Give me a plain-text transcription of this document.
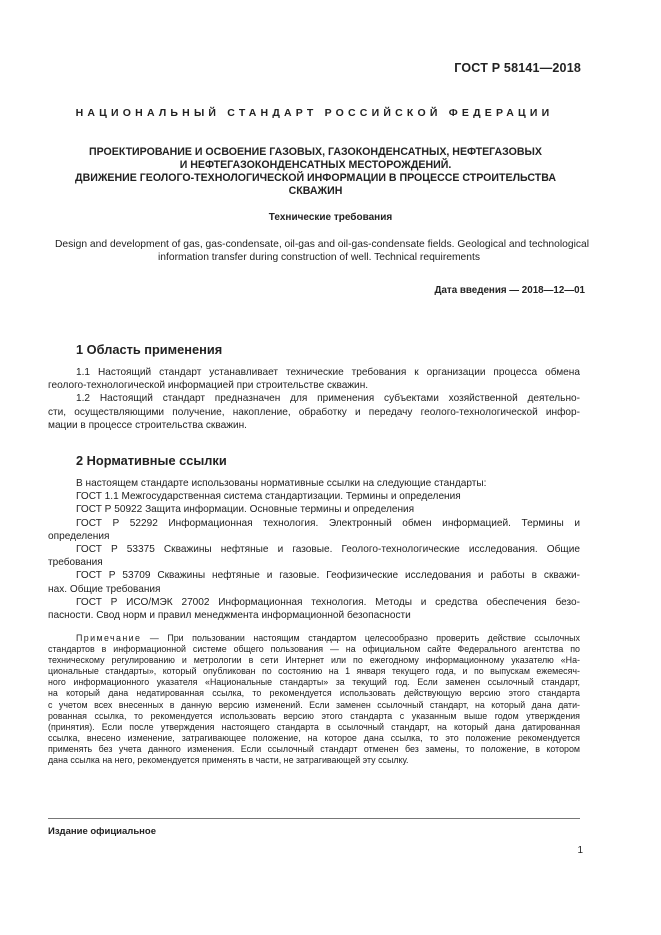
ГОСТ Р 58141—2018
НАЦИОНАЛЬНЫЙ СТАНДАРТ РОССИЙСКОЙ ФЕДЕРАЦИИ
ПРОЕКТИРОВАНИЕ И ОСВОЕНИЕ ГАЗОВЫХ, ГАЗОКОНДЕНСАТНЫХ, НЕФТЕГАЗОВЫХ
И НЕФТЕГАЗОКОНДЕНСАТНЫХ МЕСТОРОЖДЕНИЙ.
ДВИЖЕНИЕ ГЕОЛОГО-ТЕХНОЛОГИЧЕСКОЙ ИНФОРМАЦИИ В ПРОЦЕССЕ СТРОИТЕЛЬСТВА
СКВАЖИН
Технические требования
Design and development of gas, gas-condensate, oil-gas and oil-gas-condensate fields. Geological and technological
information transfer during construction of well. Technical requirements
Дата введения — 2018—12—01
1 Область применения
1.1 Настоящий стандарт устанавливает технические требования к организации процесса обмена
геолого-технологической информацией при строительстве скважин.
1.2 Настоящий стандарт предназначен для применения субъектами хозяйственной деятельно-
сти, осуществляющими получение, накопление, обработку и передачу геолого-технологической инфор-
мации в процессе строительства скважин.
2 Нормативные ссылки
В настоящем стандарте использованы нормативные ссылки на следующие стандарты:
ГОСТ 1.1 Межгосударственная система стандартизации. Термины и определения
ГОСТ Р 50922 Защита информации. Основные термины и определения
ГОСТ Р 52292 Информационная технология. Электронный обмен информацией. Термины и
определения
ГОСТ Р 53375 Скважины нефтяные и газовые. Геолого-технологические исследования. Общие
требования
ГОСТ Р 53709 Скважины нефтяные и газовые. Геофизические исследования и работы в скважи-
нах. Общие требования
ГОСТ Р ИСО/МЭК 27002 Информационная технология. Методы и средства обеспечения безо-
пасности. Свод норм и правил менеджмента информационной безопасности
Примечание — При пользовании настоящим стандартом целесообразно проверить действие ссылочных
стандартов в информационной системе общего пользования — на официальном сайте Федерального агентства по
техническому регулированию и метрологии в сети Интернет или по ежегодному информационному указателю «На-
циональные стандарты», который опубликован по состоянию на 1 января текущего года, и по выпускам ежемесяч-
ного информационного указателя «Национальные стандарты» за текущий год. Если заменен ссылочный стандарт,
на который дана недатированная ссылка, то рекомендуется использовать действующую версию этого стандарта
с учетом всех внесенных в данную версию изменений. Если заменен ссылочный стандарт, на который дана дати-
рованная ссылка, то рекомендуется использовать версию этого стандарта с указанным выше годом утверждения
(принятия). Если после утверждения настоящего стандарта в ссылочный стандарт, на который дана датированная
ссылка, внесено изменение, затрагивающее положение, на которое дана ссылка, то это положение рекомендуется
применять без учета данного изменения. Если ссылочный стандарт отменен без замены, то положение, в котором
дана ссылка на него, рекомендуется применять в части, не затрагивающей эту ссылку.
Издание официальное
1
